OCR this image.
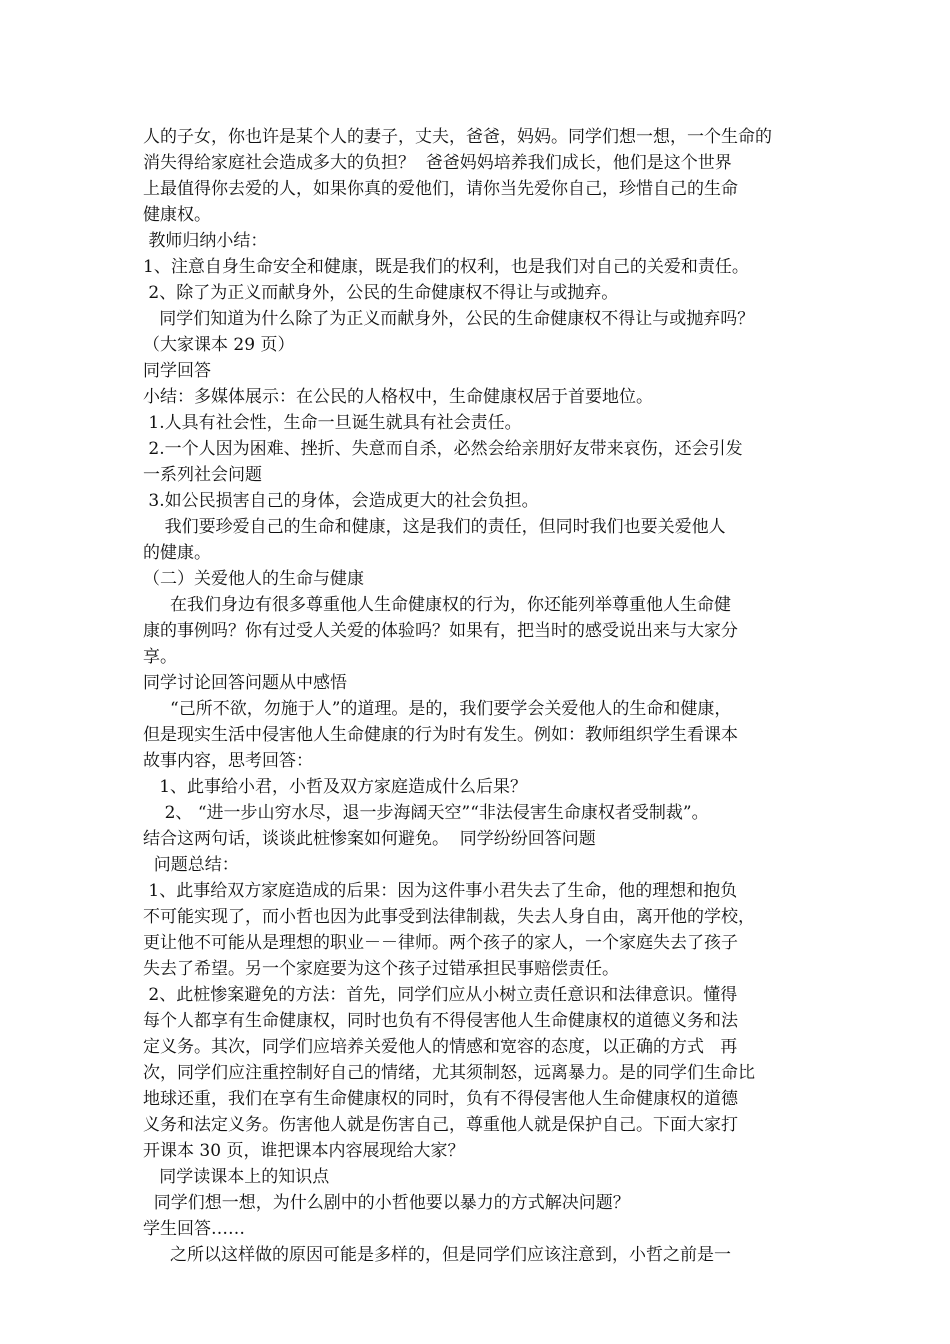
人的子女，你也许是某个人的妻子，丈夫，爸爸，妈妈。同学们想一想，一个生命的
消失得给家庭社会造成多大的负担？  爸爸妈妈培养我们成长，他们是这个世界
上最值得你去爱的人，如果你真的爱他们，请你当先爱你自己，珍惜自己的生命
健康权。
教师归纳小结：
1、注意自身生命安全和健康，既是我们的权利，也是我们对自己的关爱和责任。
2、除了为正义而献身外，公民的生命健康权不得让与或抛弃。
同学们知道为什么除了为正义而献身外，公民的生命健康权不得让与或抛弃吗？
（大家课本 29 页）
同学回答
小结：多媒体展示：在公民的人格权中，生命健康权居于首要地位。
1.人具有社会性，生命一旦诞生就具有社会责任。
2.一个人因为困难、挫折、失意而自杀，必然会给亲朋好友带来哀伤，还会引发
一系列社会问题
3.如公民损害自己的身体，会造成更大的社会负担。
我们要珍爱自己的生命和健康，这是我们的责任，但同时我们也要关爱他人
的健康。
（二）关爱他人的生命与健康
在我们身边有很多尊重他人生命健康权的行为，你还能列举尊重他人生命健
康的事例吗？你有过受人关爱的体验吗？如果有，把当时的感受说出来与大家分
享。
同学讨论回答问题从中感悟
“己所不欲，勿施于人”的道理。是的，我们要学会关爱他人的生命和健康，
但是现实生活中侵害他人生命健康的行为时有发生。例如：教师组织学生看课本
故事内容，思考回答：
1、此事给小君，小哲及双方家庭造成什么后果？
2、 “进一步山穷水尽，退一步海阔天空”“非法侵害生命康权者受制裁”。
结合这两句话，谈谈此桩惨案如何避免。  同学纷纷回答问题
问题总结：
1、此事给双方家庭造成的后果：因为这件事小君失去了生命，他的理想和抱负
不可能实现了，而小哲也因为此事受到法律制裁，失去人身自由，离开他的学校，
更让他不可能从是理想的职业－－律师。两个孩子的家人，一个家庭失去了孩子
失去了希望。另一个家庭要为这个孩子过错承担民事赔偿责任。
2、此桩惨案避免的方法：首先，同学们应从小树立责任意识和法律意识。懂得
每个人都享有生命健康权，同时也负有不得侵害他人生命健康权的道德义务和法
定义务。其次，同学们应培养关爱他人的情感和宽容的态度，以正确的方式   再
次，同学们应注重控制好自己的情绪，尤其须制怒，远离暴力。是的同学们生命比
地球还重，我们在享有生命健康权的同时，负有不得侵害他人生命健康权的道德
义务和法定义务。伤害他人就是伤害自己，尊重他人就是保护自己。下面大家打
开课本 30 页，谁把课本内容展现给大家？
同学读课本上的知识点
同学们想一想，为什么剧中的小哲他要以暴力的方式解决问题？
学生回答……
之所以这样做的原因可能是多样的，但是同学们应该注意到，小哲之前是一
